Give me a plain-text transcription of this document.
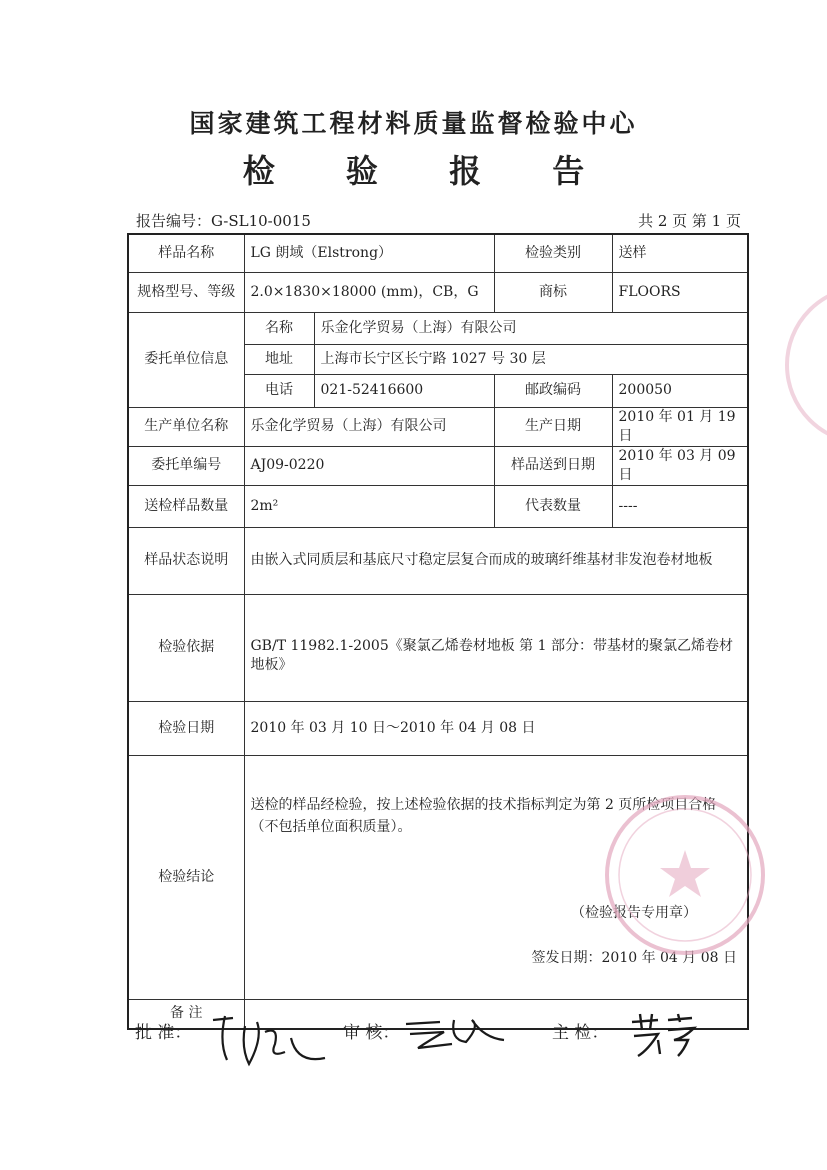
国家建筑工程材料质量监督检验中心
检 验 报 告
报告编号：G-SL10-0015	共 2 页 第 1 页
样品名称	LG 朗域（Elstrong）		检验类别	送样
规格型号、等级	2.0×1830×18000 (mm)，CB，G		商标	FLOORS
委托单位信息	名称	乐金化学贸易（上海）有限公司		
	地址	上海市长宁区长宁路 1027 号 30 层		
	电话	021-52416600	邮政编码	200050
生产单位名称	乐金化学贸易（上海）有限公司		生产日期	2010 年 01 月 19 日
委托单编号	AJ09-0220		样品送到日期	2010 年 03 月 09 日
送检样品数量	2m²		代表数量	----
样品状态说明	由嵌入式同质层和基底尺寸稳定层复合而成的玻璃纤维基材非发泡卷材地板			
检验依据	GB/T 11982.1-2005《聚氯乙烯卷材地板 第 1 部分：带基材的聚氯乙烯卷材地板》			
检验日期	2010 年 03 月 10 日～2010 年 04 月 08 日			
检验结论	送检的样品经检验，按上述检验依据的技术指标判定为第 2 页所检项目合格（不包括单位面积质量）。
（检验报告专用章）
签发日期：2010 年 04 月 08 日			

备 注				
批 准：	审 核：	主 检：
